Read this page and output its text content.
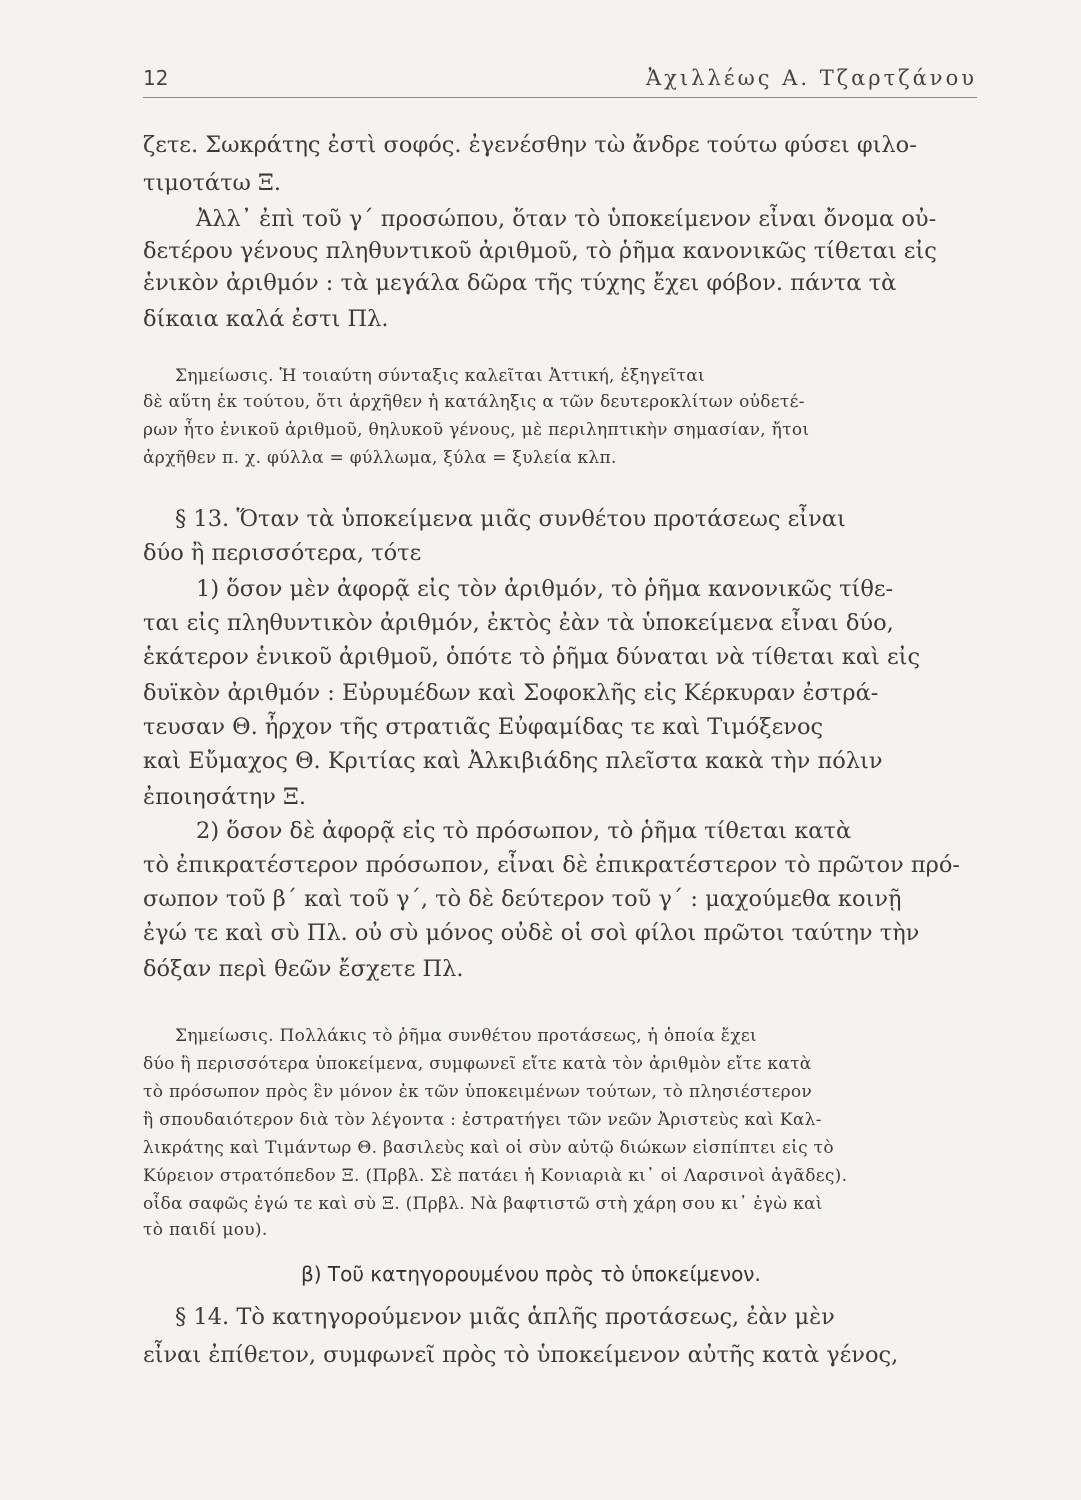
12	Ἀχιλλέως Α. Τζαρτζάνου
ζετε. Σωκράτης ἐστὶ σοφός. ἐγενέσθην τὼ ἄνδρε τούτω φύσει φιλο-
τιμοτάτω Ξ.
Ἀλλ᾽ ἐπὶ τοῦ γ´ προσώπου, ὅταν τὸ ὑποκείμενον εἶναι ὄνομα οὐ-
δετέρου γένους πληθυντικοῦ ἀριθμοῦ, τὸ ῥῆμα κανονικῶς τίθεται εἰς
ἑνικὸν ἀριθμόν : τὰ μεγάλα δῶρα τῆς τύχης ἔχει φόβον. πάντα τὰ
δίκαια καλά ἐστι Πλ.
Σημείωσις. Ἡ τοιαύτη σύνταξις καλεῖται Ἀττική, ἐξηγεῖται
δὲ αὕτη ἐκ τούτου, ὅτι ἀρχῆθεν ἡ κατάληξις α τῶν δευτεροκλίτων οὐδετέ-
ρων ἦτο ἑνικοῦ ἀριθμοῦ, θηλυκοῦ γένους, μὲ περιληπτικὴν σημασίαν, ἤτοι
ἀρχῆθεν π. χ. φύλλα = φύλλωμα, ξύλα = ξυλεία κλπ.
§ 13. Ὅταν τὰ ὑποκείμενα μιᾶς συνθέτου προτάσεως εἶναι
δύο ἢ περισσότερα, τότε
1) ὅσον μὲν ἀφορᾷ εἰς τὸν ἀριθμόν, τὸ ῥῆμα κανονικῶς τίθε-
ται εἰς πληθυντικὸν ἀριθμόν, ἐκτὸς ἐὰν τὰ ὑποκείμενα εἶναι δύο,
ἑκάτερον ἑνικοῦ ἀριθμοῦ, ὁπότε τὸ ῥῆμα δύναται νὰ τίθεται καὶ εἰς
δυϊκὸν ἀριθμόν : Εὐρυμέδων καὶ Σοφοκλῆς εἰς Κέρκυραν ἐστρά-
τευσαν Θ. ἦρχον τῆς στρατιᾶς Εὐφαμίδας τε καὶ Τιμόξενος
καὶ Εὔμαχος Θ. Κριτίας καὶ Ἀλκιβιάδης πλεῖστα κακὰ τὴν πόλιν
ἐποιησάτην Ξ.
2) ὅσον δὲ ἀφορᾷ εἰς τὸ πρόσωπον, τὸ ῥῆμα τίθεται κατὰ
τὸ ἐπικρατέστερον πρόσωπον, εἶναι δὲ ἐπικρατέστερον τὸ πρῶτον πρό-
σωπον τοῦ β´ καὶ τοῦ γ´, τὸ δὲ δεύτερον τοῦ γ´ : μαχούμεθα κοινῇ
ἐγώ τε καὶ σὺ Πλ. οὐ σὺ μόνος οὐδὲ οἱ σοὶ φίλοι πρῶτοι ταύτην τὴν
δόξαν περὶ θεῶν ἔσχετε Πλ.
Σημείωσις. Πολλάκις τὸ ῥῆμα συνθέτου προτάσεως, ἡ ὁποία ἔχει
δύο ἢ περισσότερα ὑποκείμενα, συμφωνεῖ εἴτε κατὰ τὸν ἀριθμὸν εἴτε κατὰ
τὸ πρόσωπον πρὸς ἓν μόνον ἐκ τῶν ὑποκειμένων τούτων, τὸ πλησιέστερον
ἢ σπουδαιότερον διὰ τὸν λέγοντα : ἐστρατήγει τῶν νεῶν Ἀριστεὺς καὶ Καλ-
λικράτης καὶ Τιμάντωρ Θ. βασιλεὺς καὶ οἱ σὺν αὐτῷ διώκων εἰσπίπτει εἰς τὸ
Κύρειον στρατόπεδον Ξ. (Πρβλ. Σὲ πατάει ἡ Κονιαριὰ κι᾽ οἱ Λαρσινοὶ ἀγᾶδες).
οἶδα σαφῶς ἐγώ τε καὶ σὺ Ξ. (Πρβλ. Νὰ βαφτιστῶ στὴ χάρη σου κι᾽ ἐγὼ καὶ
τὸ παιδί μου).
β) Τοῦ κατηγορουμένου πρὸς τὸ ὑποκείμενον.
§ 14. Τὸ κατηγορούμενον μιᾶς ἁπλῆς προτάσεως, ἐὰν μὲν
εἶναι ἐπίθετον, συμφωνεῖ πρὸς τὸ ὑποκείμενον αὐτῆς κατὰ γένος,
